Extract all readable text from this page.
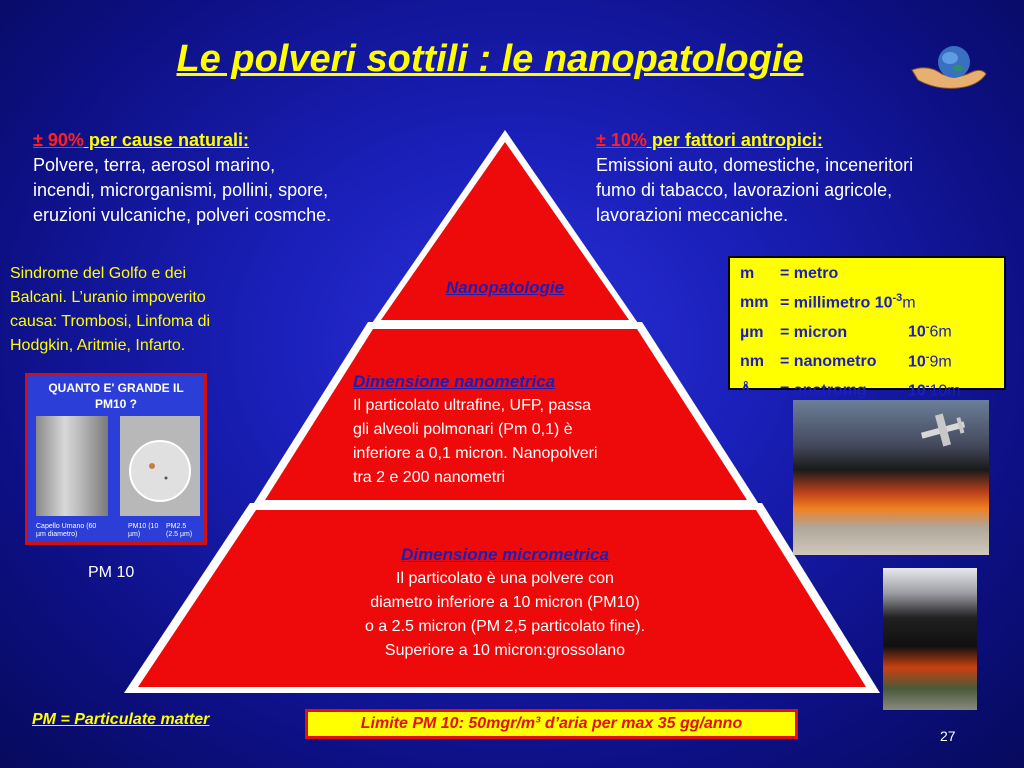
Le polveri sottili : le nanopatologie
± 90% per cause naturali:
Polvere, terra, aerosol marino,
incendi, microrganismi, pollini, spore,
eruzioni vulcaniche, polveri cosmche.
± 10% per fattori antropici:
Emissioni auto, domestiche, inceneritori
fumo di tabacco, lavorazioni agricole,
lavorazioni meccaniche.
Sindrome del Golfo e dei
Balcani. L’uranio impoverito
causa: Trombosi, Linfoma di
Hodgkin, Aritmie, Infarto.
QUANTO E' GRANDE IL
PM10 ?
Capello Umano (60 µm diametro)
PM10 (10 µm)
PM2.5 (2.5 µm)
PM 10
Nanopatologie
Dimensione nanometrica
Il particolato ultrafine, UFP, passa
gli alveoli polmonari (Pm 0,1) è
inferiore a 0,1 micron. Nanopolveri
tra 2 e 200 nanometri
Dimensione micrometrica
Il particolato è una polvere con
diametro inferiore a 10 micron (PM10)
o a 2.5 micron (PM 2,5 particolato fine).
Superiore a 10 micron:grossolano
m = metro
mm = millimetro $10^{-3}m$
µm = micron	10-6m
nm = nanometro 10-9m
Å = anstromg	10-10m
PM = Particulate matter	Limite PM 10: 50mgr/m³ d’aria per max 35 gg/anno
27
